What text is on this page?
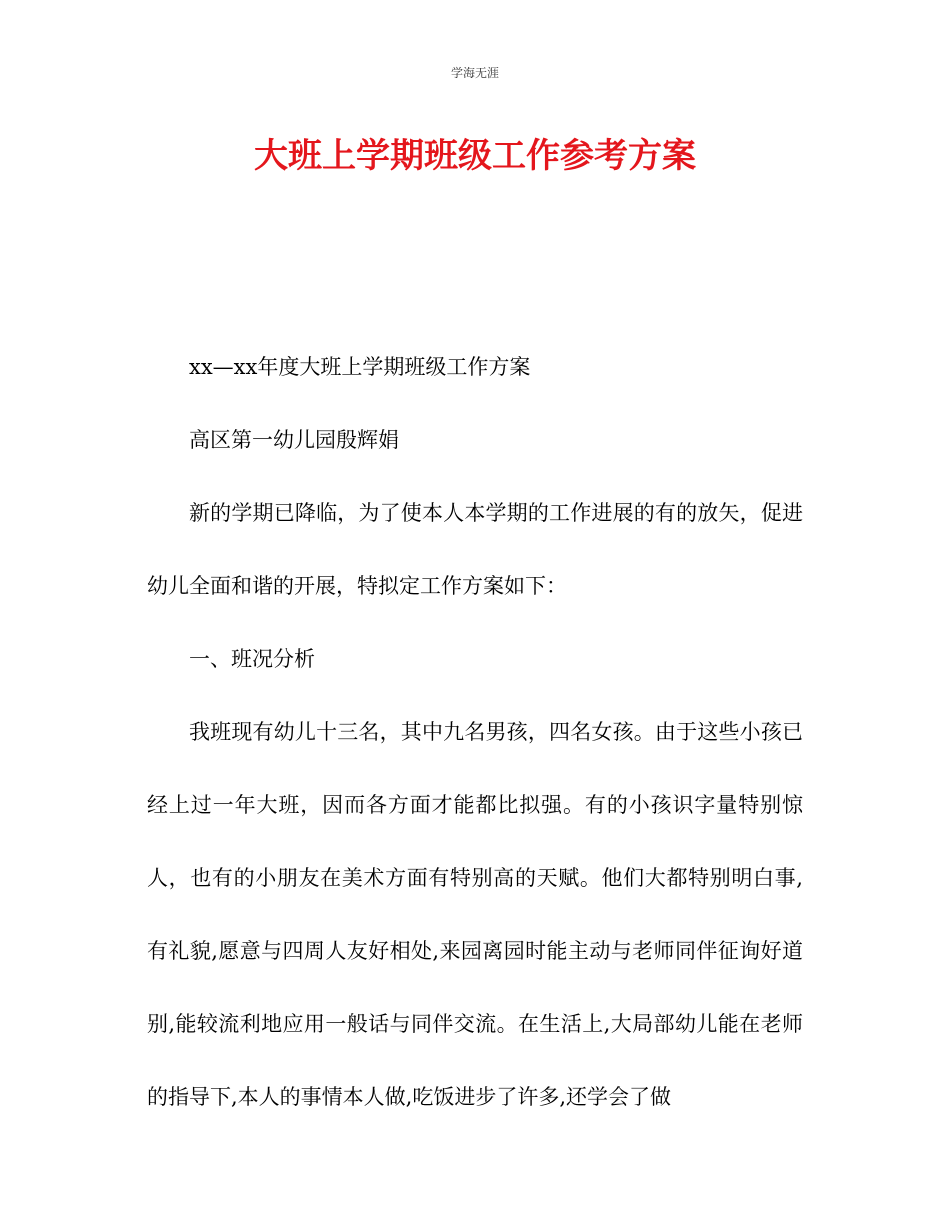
学海无涯
大班上学期班级工作参考方案

xx—xx年度大班上学期班级工作方案

高区第一幼儿园殷辉娟

新的学期已降临，为了使本人本学期的工作进展的有的放矢，促进幼儿全面和谐的开展，特拟定工作方案如下：

一、班况分析

我班现有幼儿十三名，其中九名男孩，四名女孩。由于这些小孩已经上过一年大班，因而各方面才能都比拟强。有的小孩识字量特别惊人，也有的小朋友在美术方面有特别高的天赋。他们大都特别明白事,有礼貌,愿意与四周人友好相处,来园离园时能主动与老师同伴征询好道别,能较流利地应用一般话与同伴交流。在生活上,大局部幼儿能在老师的指导下,本人的事情本人做,吃饭进步了许多,还学会了做
